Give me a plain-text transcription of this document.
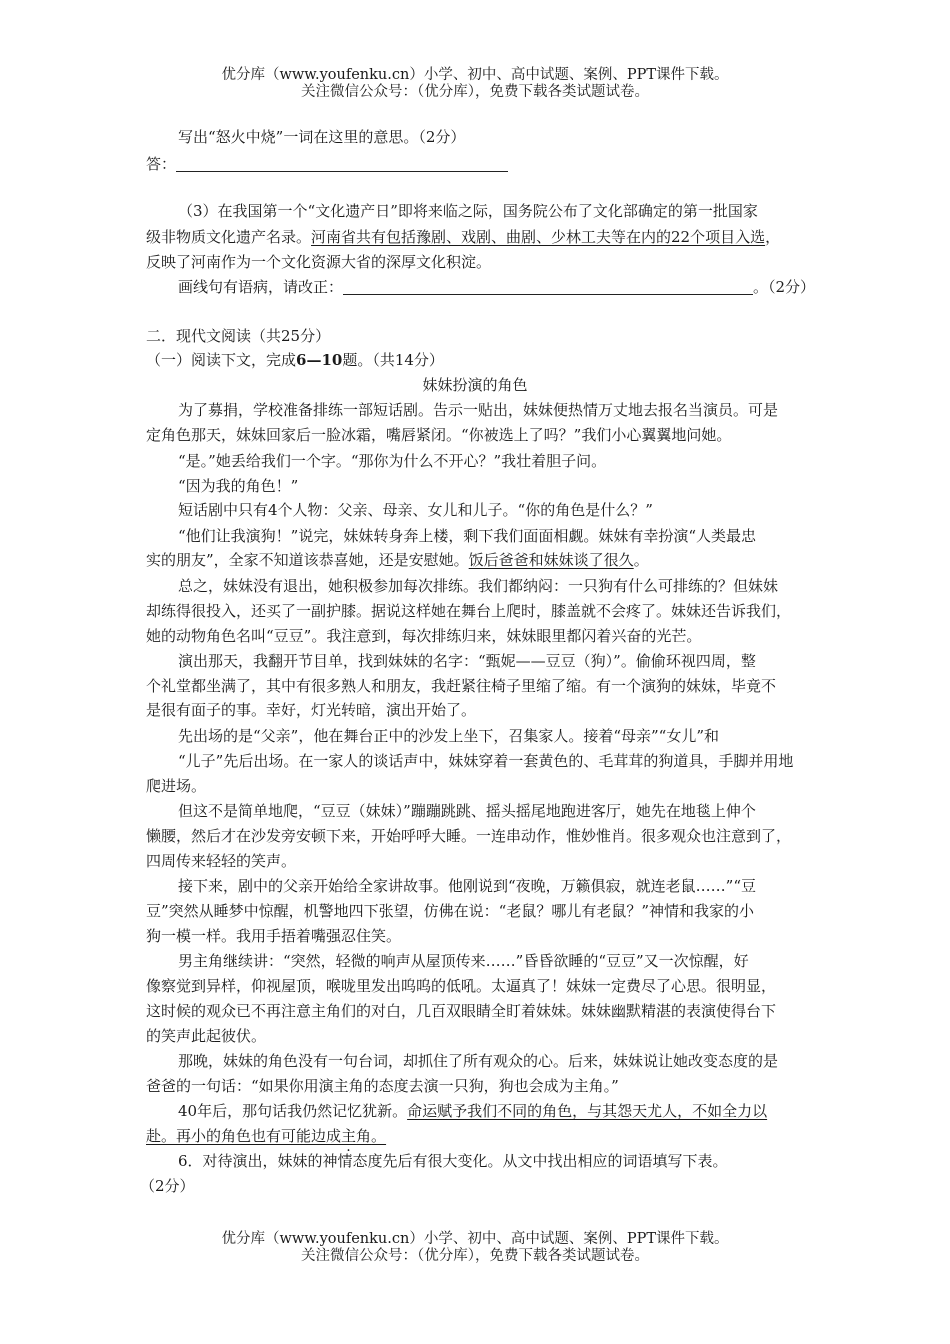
优分库（www.youfenku.cn）小学、初中、高中试题、案例、PPT课件下载。
关注微信公众号：（优分库），免费下载各类试题试卷。
写出“怒火中烧”一词在这里的意思。（2分）
答：
（3）在我国第一个“文化遗产日”即将来临之际，国务院公布了文化部确定的第一批国家
级非物质文化遗产名录。河南省共有包括豫剧、戏剧、曲剧、少林工夫等在内的22个项目入选，
反映了河南作为一个文化资源大省的深厚文化积淀。
画线句有语病，请改正：	。（2分）
二．现代文阅读（共25分）
（一）阅读下文，完成6—10题。（共14分）
妹妹扮演的角色
为了募捐，学校准备排练一部短话剧。告示一贴出，妹妹便热情万丈地去报名当演员。可是
定角色那天，妹妹回家后一脸冰霜，嘴唇紧闭。“你被选上了吗？”我们小心翼翼地问她。
“是。”她丢给我们一个字。“那你为什么不开心？”我壮着胆子问。
“因为我的角色！”
短话剧中只有4个人物：父亲、母亲、女儿和儿子。“你的角色是什么？”
“他们让我演狗！”说完，妹妹转身奔上楼，剩下我们面面相觑。妹妹有幸扮演“人类最忠
实的朋友”，全家不知道该恭喜她，还是安慰她。饭后爸爸和妹妹谈了很久。
总之，妹妹没有退出，她积极参加每次排练。我们都纳闷：一只狗有什么可排练的？但妹妹
却练得很投入，还买了一副护膝。据说这样她在舞台上爬时，膝盖就不会疼了。妹妹还告诉我们，
她的动物角色名叫“豆豆”。我注意到，每次排练归来，妹妹眼里都闪着兴奋的光芒。
演出那天，我翻开节目单，找到妹妹的名字：“甄妮——豆豆（狗）”。偷偷环视四周，整
个礼堂都坐满了，其中有很多熟人和朋友，我赶紧往椅子里缩了缩。有一个演狗的妹妹，毕竟不
是很有面子的事。幸好，灯光转暗，演出开始了。
先出场的是“父亲”，他在舞台正中的沙发上坐下，召集家人。接着“母亲”“女儿”和
“儿子”先后出场。在一家人的谈话声中，妹妹穿着一套黄色的、毛茸茸的狗道具，手脚并用地
爬进场。
但这不是简单地爬，“豆豆（妹妹）”蹦蹦跳跳、摇头摇尾地跑进客厅，她先在地毯上伸个
懒腰，然后才在沙发旁安顿下来，开始呼呼大睡。一连串动作，惟妙惟肖。很多观众也注意到了，
四周传来轻轻的笑声。
接下来，剧中的父亲开始给全家讲故事。他刚说到“夜晚，万籁俱寂，就连老鼠……”“豆
豆”突然从睡梦中惊醒，机警地四下张望，仿佛在说：“老鼠？哪儿有老鼠？”神情和我家的小
狗一模一样。我用手捂着嘴强忍住笑。
男主角继续讲：“突然，轻微的响声从屋顶传来……”昏昏欲睡的“豆豆”又一次惊醒，好
像察觉到异样，仰视屋顶，喉咙里发出呜呜的低吼。太逼真了！妹妹一定费尽了心思。很明显，
这时候的观众已不再注意主角们的对白，几百双眼睛全盯着妹妹。妹妹幽默精湛的表演使得台下
的笑声此起彼伏。
那晚，妹妹的角色没有一句台词，却抓住了所有观众的心。后来，妹妹说让她改变态度的是
爸爸的一句话：“如果你用演主角的态度去演一只狗，狗也会成为主角。”
40年后，那句话我仍然记忆犹新。命运赋予我们不同的角色，与其怨天尤人，不如全力以
赴。再小的角色也有可能边成主角。
6．对待演出，妹妹的神情态度先后有很大变化。从文中找出相应的词语填写下表。
（2分）
优分库（www.youfenku.cn）小学、初中、高中试题、案例、PPT课件下载。
关注微信公众号：（优分库），免费下载各类试题试卷。
